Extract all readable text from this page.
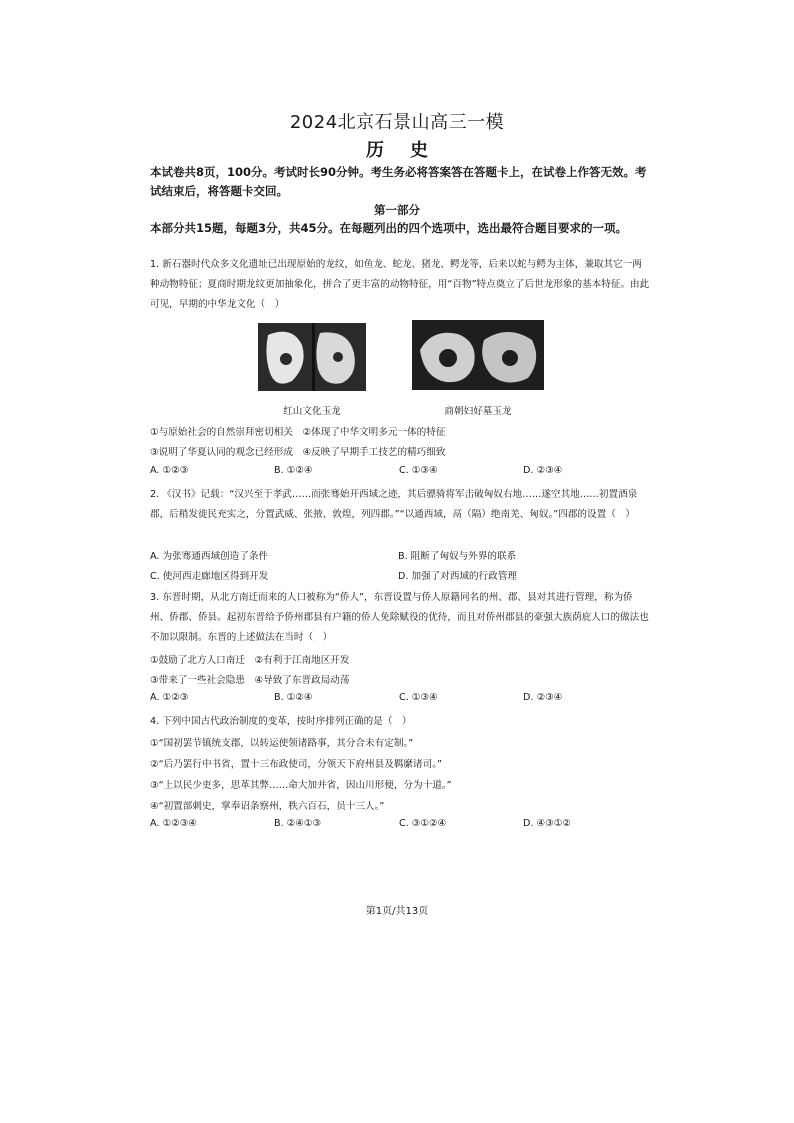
2024北京石景山高三一模
历史
本试卷共8页，100分。考试时长90分钟。考生务必将答案答在答题卡上，在试卷上作答无效。考试结束后，将答题卡交回。
第一部分
本部分共15题，每题3分，共45分。在每题列出的四个选项中，选出最符合题目要求的一项。
1. 新石器时代众多文化遗址已出现原始的龙纹，如鱼龙、蛇龙、猪龙、鳄龙等，后来以蛇与鳄为主体，兼取其它一两种动物特征；夏商时期龙纹更加抽象化，拼合了更丰富的动物特征，用“百物”特点奠立了后世龙形象的基本特征。由此可见，早期的中华龙文化（　）
红山文化玉龙	商朝妇好墓玉龙
①与原始社会的自然崇拜密切相关　②体现了中华文明多元一体的特征
③说明了华夏认同的观念已经形成　④反映了早期手工技艺的精巧细致
A. ①②③	B. ①②④	C. ①③④	D. ②③④
2. 《汉书》记载：“汉兴至于孝武……而张骞始开西域之迹，其后骠骑将军击破匈奴右地……遂空其地……初置酒泉郡，后稍发徙民充实之，分置武威、张掖、敦煌，列四郡。”“以通西域，鬲（隔）绝南羌、匈奴。”四郡的设置（　）
A. 为张骞通西域创造了条件	B. 阻断了匈奴与外界的联系
C. 使河西走廊地区得到开发	D. 加强了对西域的行政管理
3. 东晋时期，从北方南迁而来的人口被称为“侨人”，东晋设置与侨人原籍同名的州、郡、县对其进行管理，称为侨州、侨郡、侨县。起初东晋给予侨州郡县有户籍的侨人免除赋役的优待，而且对侨州郡县的豪强大族荫庇人口的做法也不加以限制。东晋的上述做法在当时（　）
①鼓励了北方人口南迁　②有利于江南地区开发
③带来了一些社会隐患　④导致了东晋政局动荡
A. ①②③	B. ①②④	C. ①③④	D. ②③④
4. 下列中国古代政治制度的变革，按时序排列正确的是（　）
①“国初罢节镇统支郡，以转运使领诸路事，其分合未有定制。”
②“后乃罢行中书省，置十三布政使司，分领天下府州县及羁縻诸司。”
③“上以民少吏多，思革其弊……命大加并省，因山川形便，分为十道。”
④“初置部刺史，掌奉诏条察州，秩六百石，员十三人。”
A. ①②③④	B. ②④①③	C. ③①②④	D. ④③①②
第1页/共13页
